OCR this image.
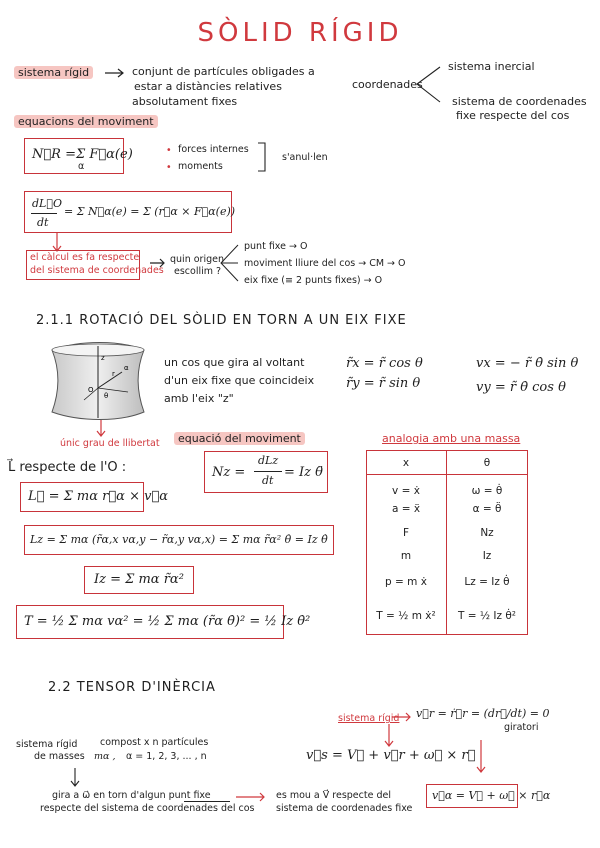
SÒLID RÍGID
sistema rígid	conjunt de partícules obligades a
estar a distàncies relatives
absolutament fixes
coordenades
sistema inercial
sistema de coordenades
fixe respecte del cos
equacions del moviment
N⃛R = Σ F⃗α(e)
α
• forces internes
• moments
s'anul·len
dL⃗O
dt
= Σ N⃗α(e) = Σ (r⃗α × F⃗α(e))
el càlcul es fa respecte
del sistema de coordenades
quin origen
escollim ?
punt fixe → O
moviment lliure del cos → CM → O
eix fixe (≡ 2 punts fixes) → O
2.1.1 ROTACIÓ DEL SÒLID EN TORN A UN EIX FIXE
z
r
O
α
θ
únic grau de llibertat
un cos que gira al voltant
d'un eix fixe que coincideix
amb l'eix "z"
r̃x = r̃ cos θ
r̃y = r̃ sin θ
vx = − r̃ θ̇ sin θ
vy = r̃ θ̇ cos θ
equació del moviment
L⃗ respecte de l'O :	Nz =
dLz
dt
= Iz θ̈
L⃗ = Σ mα r⃗α × v⃗α
Lz = Σ mα (r̃α,x vα,y − r̃α,y vα,x) = Σ mα r̃α² θ̇ = Iz θ̇
Iz = Σ mα r̃α²
T = ½ Σ mα vα² = ½ Σ mα (r̃α θ̇)² = ½ Iz θ̇²
analogia amb una massa
x	θ
v = ẋ	ω = θ̇
a = ẍ	α = θ̈
F	Nz
m	Iz
p = m ẋ	Lz = Iz θ̇
T = ½ m ẋ²	T = ½ Iz θ̇²
2.2 TENSOR D'INÈRCIA
sistema rígid compost x n partícules
de masses mα , α = 1, 2, 3, ... , n
gira a ω⃗ en torn d'algun punt fixe
respecte del sistema de coordenades del cos
es mou a V⃗ respecte del
sistema de coordenades fixe
sistema rígid v⃗r = ṙ⃗r = (dr⃗/dt) = 0
giratori
v⃗s = V⃗ + v⃗r + ω⃗ × r⃗
v⃗α = V⃗ + ω⃗ × r⃗α
